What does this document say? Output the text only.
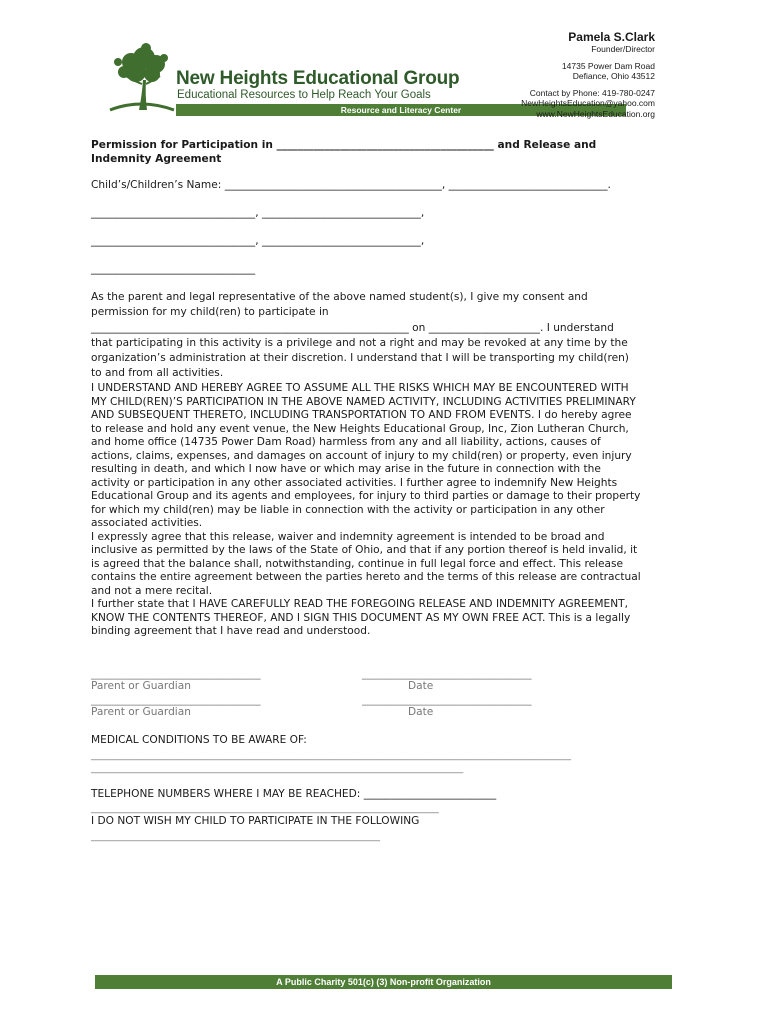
New Heights Educational Group
Educational Resources to Help Reach Your Goals
Resource and Literacy Center
Pamela S.Clark
Founder/Director
14735 Power Dam Road
Defiance, Ohio 43512
Contact by Phone: 419-780-0247
NewHeightsEducation@yahoo.com
www.NewHeightsEducation.org
Permission for Participation in _________________________________________ and Release and
Indemnity Agreement
Child’s/Children’s Name: _________________________________________, ______________________________.
_______________________________, ______________________________,
_______________________________, ______________________________,
_______________________________
As the parent and legal representative of the above named student(s), I give my consent and
permission for my child(ren) to participate in
____________________________________________________________ on _____________________. I understand
that participating in this activity is a privilege and not a right and may be revoked at any time by the
organization’s administration at their discretion. I understand that I will be transporting my child(ren)
to and from all activities.
I UNDERSTAND AND HEREBY AGREE TO ASSUME ALL THE RISKS WHICH MAY BE ENCOUNTERED WITH
MY CHILD(REN)’S PARTICIPATION IN THE ABOVE NAMED ACTIVITY, INCLUDING ACTIVITIES PRELIMINARY
AND SUBSEQUENT THERETO, INCLUDING TRANSPORTATION TO AND FROM EVENTS. I do hereby agree
to release and hold any event venue, the New Heights Educational Group, Inc, Zion Lutheran Church,
and home office (14735 Power Dam Road) harmless from any and all liability, actions, causes of
actions, claims, expenses, and damages on account of injury to my child(ren) or property, even injury
resulting in death, and which I now have or which may arise in the future in connection with the
activity or participation in any other associated activities. I further agree to indemnify New Heights
Educational Group and its agents and employees, for injury to third parties or damage to their property
for which my child(ren) may be liable in connection with the activity or participation in any other
associated activities.
I expressly agree that this release, waiver and indemnity agreement is intended to be broad and
inclusive as permitted by the laws of the State of Ohio, and that if any portion thereof is held invalid, it
is agreed that the balance shall, notwithstanding, continue in full legal force and effect. This release
contains the entire agreement between the parties hereto and the terms of this release are contractual
and not a mere recital.
I further state that I HAVE CAREFULLY READ THE FOREGOING RELEASE AND INDEMNITY AGREEMENT,
KNOW THE CONTENTS THEREOF, AND I SIGN THIS DOCUMENT AS MY OWN FREE ACT. This is a legally
binding agreement that I have read and understood.
________________________________	________________________________
Parent or Guardian	Date
________________________________	________________________________
Parent or Guardian	Date
MEDICAL CONDITIONS TO BE AWARE OF:
__________________________________________________________________________________________________
____________________________________________________________________________
TELEPHONE NUMBERS WHERE I MAY BE REACHED: _________________________
_______________________________________________________________________
I DO NOT WISH MY CHILD TO PARTICIPATE IN THE FOLLOWING
___________________________________________________________
A Public Charity 501(c) (3) Non-profit Organization
